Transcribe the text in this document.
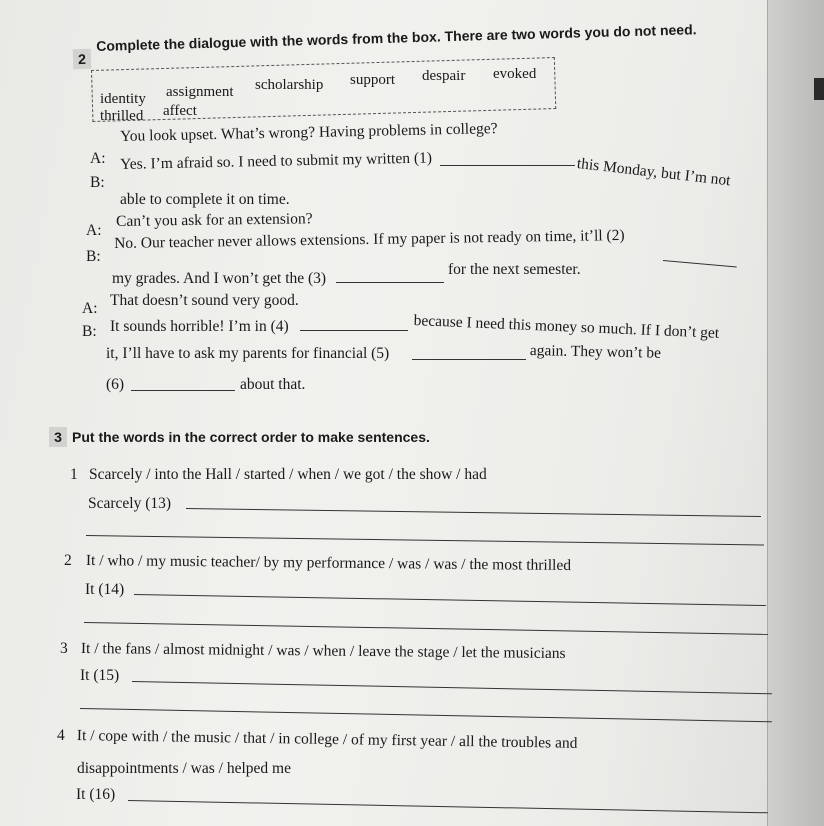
2
Complete the dialogue with the words from the box. There are two words you do not need.
identity assignment scholarship support despair evoked
thrilled affect
A:
You look upset. What’s wrong? Having problems in college?
B:
Yes. I’m afraid so. I need to submit my written (1)	this Monday, but I’m not
able to complete it on time.
A:
Can’t you ask for an extension?
B:
No. Our teacher never allows extensions. If my paper is not ready on time, it’ll (2)
my grades. And I won’t get the (3)
for the next semester.
A: That doesn’t sound very good.
B: It sounds horrible! I’m in (4)	because I need this money so much. If I don’t get
it, I’ll have to ask my parents for financial (5)	again. They won’t be
(6)	about that.
3 Put the words in the correct order to make sentences.
1 Scarcely / into the Hall / started / when / we got / the show / had
Scarcely (13)
2 It / who / my music teacher/ by my performance / was / was / the most thrilled
It (14)
3 It / the fans / almost midnight / was / when / leave the stage / let the musicians
It (15)
4 It / cope with / the music / that / in college / of my first year / all the troubles and
disappointments / was / helped me
It (16)
